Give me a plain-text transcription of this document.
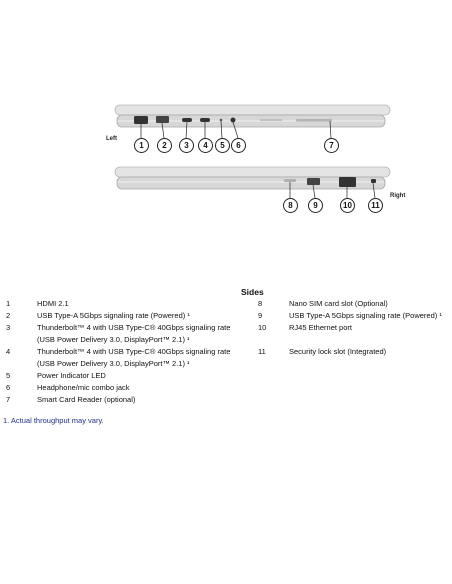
Left
Right
1	2	3	4	5	6	7
8	9	10	11
Sides
1	HDMI 2.1
2	USB Type-A 5Gbps signaling rate (Powered) ¹
3	Thunderbolt™ 4 with USB Type-C® 40Gbps signaling rate
(USB Power Delivery 3.0, DisplayPort™ 2.1) ¹
4	Thunderbolt™ 4 with USB Type-C® 40Gbps signaling rate
(USB Power Delivery 3.0, DisplayPort™ 2.1) ¹
5	Power Indicator LED
6	Headphone/mic combo jack
7	Smart Card Reader (optional)
8	Nano SIM card slot (Optional)
9	USB Type-A 5Gbps signaling rate (Powered) ¹
10	RJ45 Ethernet port
11	Security lock slot (Integrated)
1. Actual throughput may vary.
